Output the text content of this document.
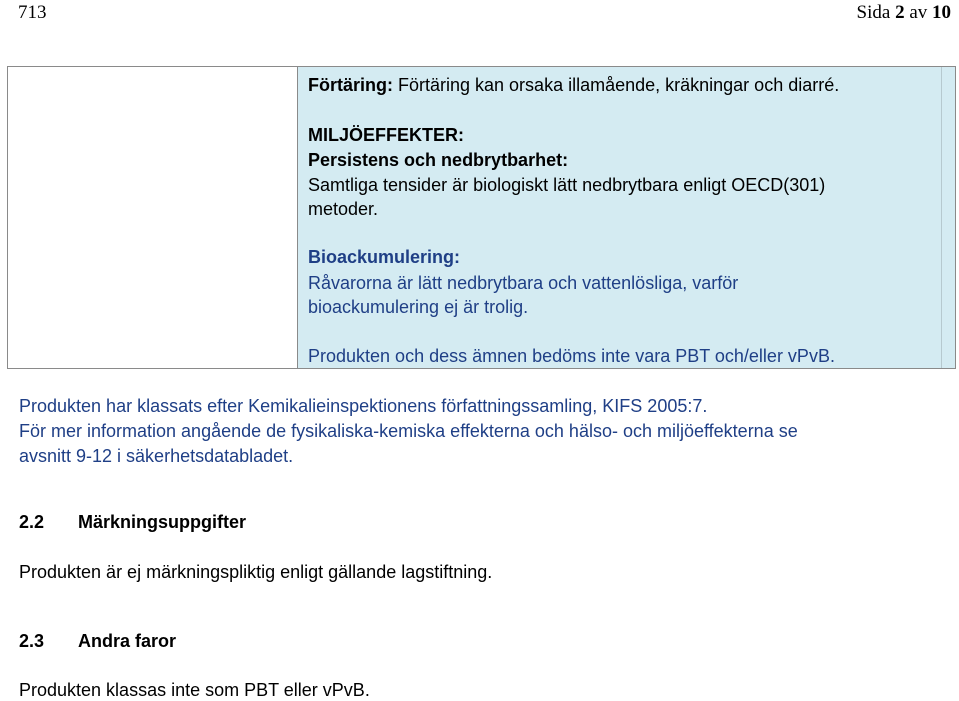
713	Sida 2 av 10
Förtäring: Förtäring kan orsaka illamående, kräkningar och diarré.
MILJÖEFFEKTER:
Persistens och nedbrytbarhet:
Samtliga tensider är biologiskt lätt nedbrytbara enligt OECD(301)
metoder.
Bioackumulering:
Råvarorna är lätt nedbrytbara och vattenlösliga, varför
bioackumulering ej är trolig.
Produkten och dess ämnen bedöms inte vara PBT och/eller vPvB.
Produkten har klassats efter Kemikalieinspektionens författningssamling, KIFS 2005:7.
För mer information angående de fysikaliska-kemiska effekterna och hälso- och miljöeffekterna se
avsnitt 9-12 i säkerhetsdatabladet.
2.2 Märkningsuppgifter
Produkten är ej märkningspliktig enligt gällande lagstiftning.
2.3 Andra faror
Produkten klassas inte som PBT eller vPvB.
